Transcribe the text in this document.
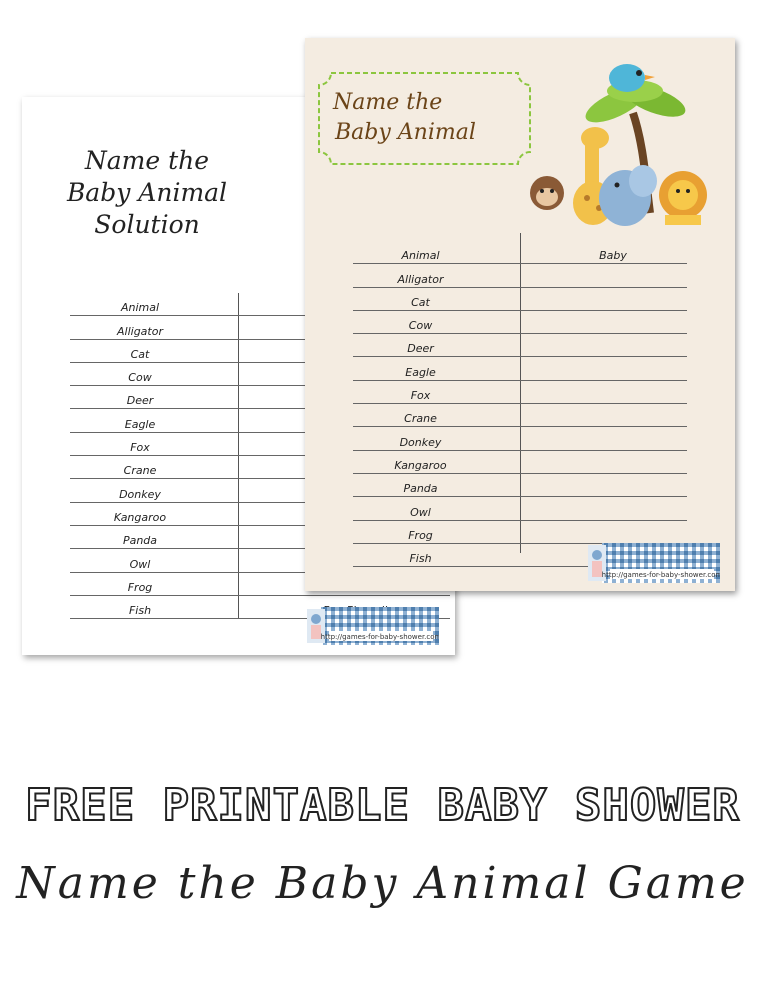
Name the
Baby Animal
Solution
Animal
Alligator
Cat
Cow
Deer
Eagle
Fox
Crane
Donkey
Kangaroo
Panda
Owl
Frog
Fish
http://games-for-baby-shower.com
Name the
Baby Animal
Animal	Baby
Alligator
Cat
Cow
Deer
Eagle
Fox
Crane
Donkey
Kangaroo
Panda
Owl
Frog
Fish
http://games-for-baby-shower.com
FREE PRINTABLE BABY SHOWER
Name the Baby Animal Game
